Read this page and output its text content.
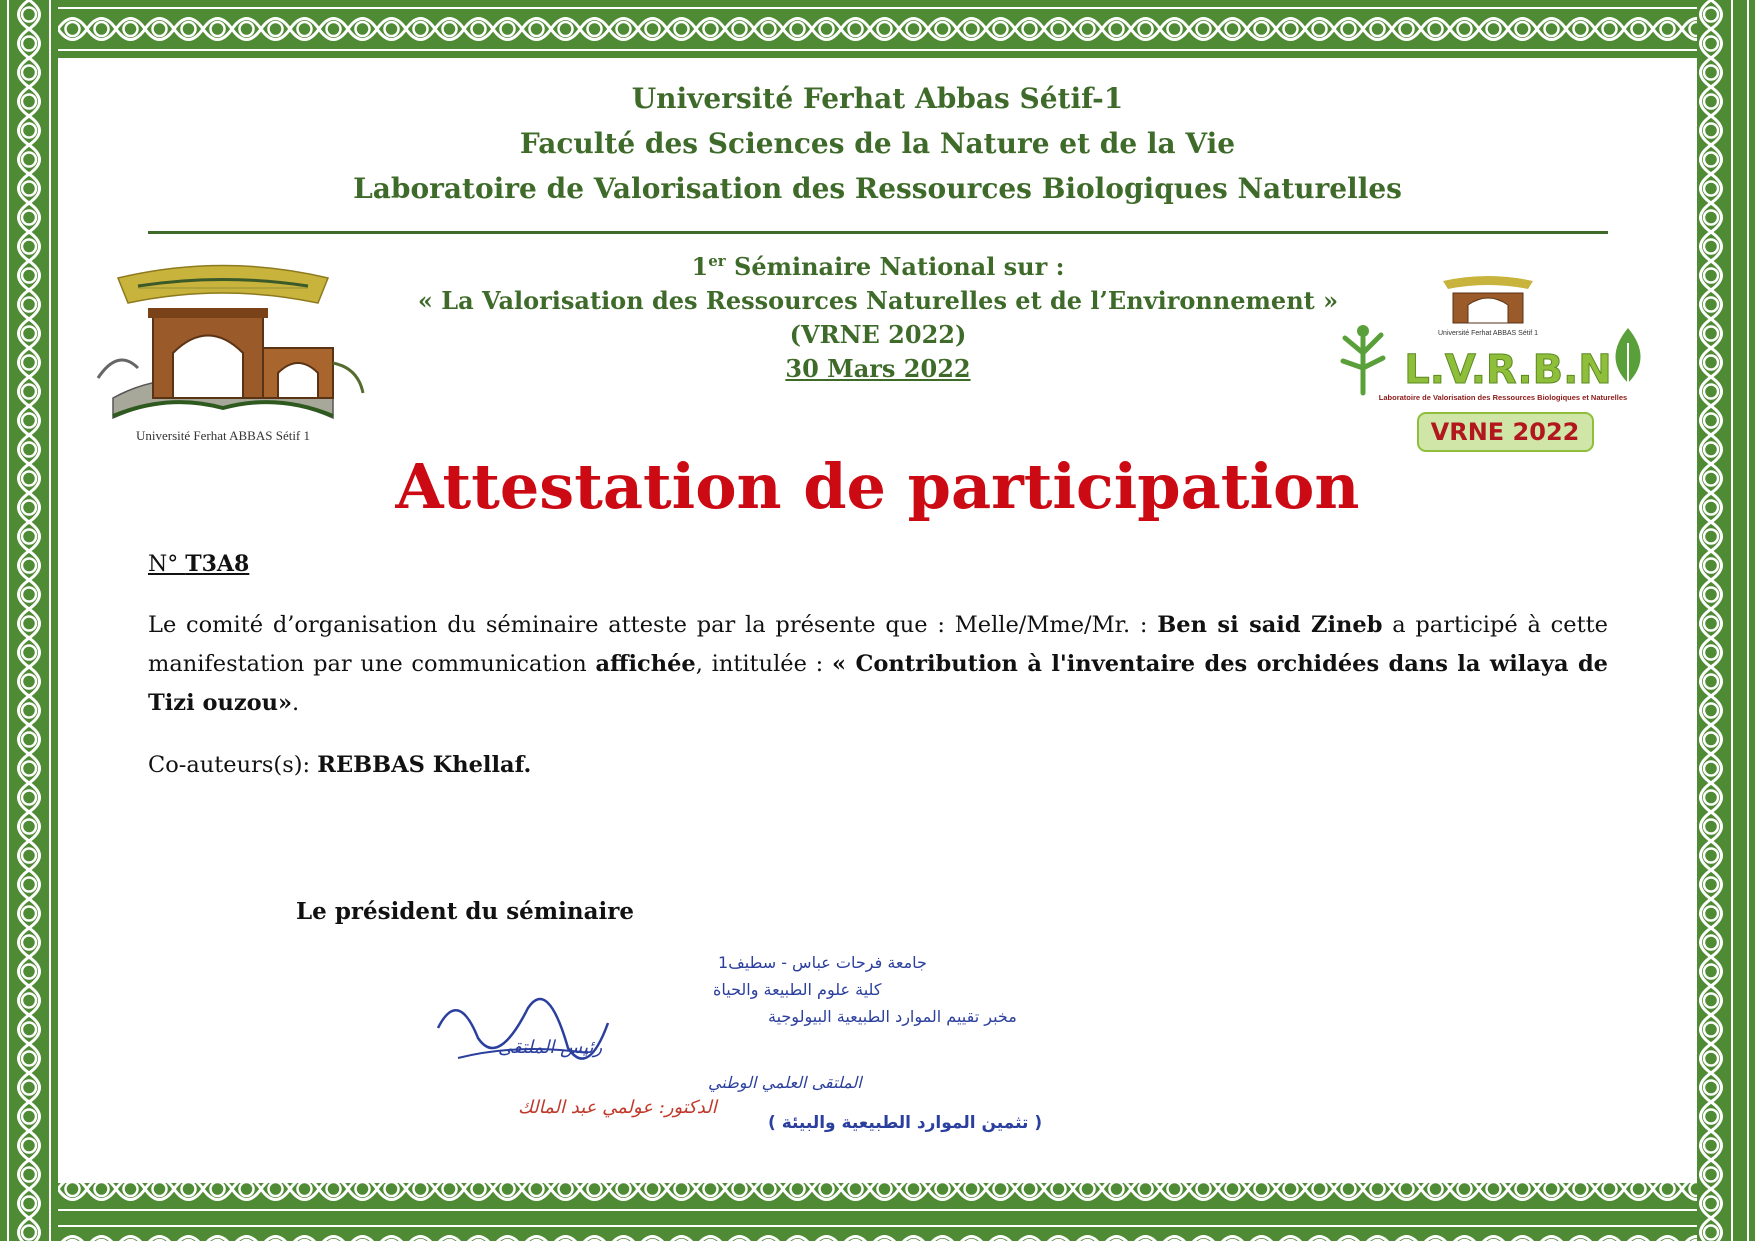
Université Ferhat Abbas Sétif-1
Faculté des Sciences de la Nature et de la Vie
Laboratoire de Valorisation des Ressources Biologiques Naturelles
Université Ferhat ABBAS Sétif 1
1er Séminaire National sur :
« La Valorisation des Ressources Naturelles et de l’Environnement »
(VRNE 2022)
30 Mars 2022
Université Ferhat ABBAS Sétif 1
L.V.R.B.N
Laboratoire de Valorisation des Ressources Biologiques et Naturelles
VRNE 2022
Attestation de participation
N° T3A8
Le comité d’organisation du séminaire atteste par la présente que : Melle/Mme/Mr. : Ben si said Zineb a participé à cette manifestation par une communication affichée, intitulée : « Contribution à l'inventaire des orchidées dans la wilaya de Tizi ouzou».
Co-auteurs(s): REBBAS Khellaf.
Le président du séminaire
جامعة فرحات عباس - سطيف1
كلية علوم الطبيعة والحياة
مخبر تقييم الموارد الطبيعية البيولوجية
رئيس الملتقى
الملتقى العلمي الوطني
( تثمين الموارد الطبيعية والبيئة )
الدكتور: عولمي عبد المالك
